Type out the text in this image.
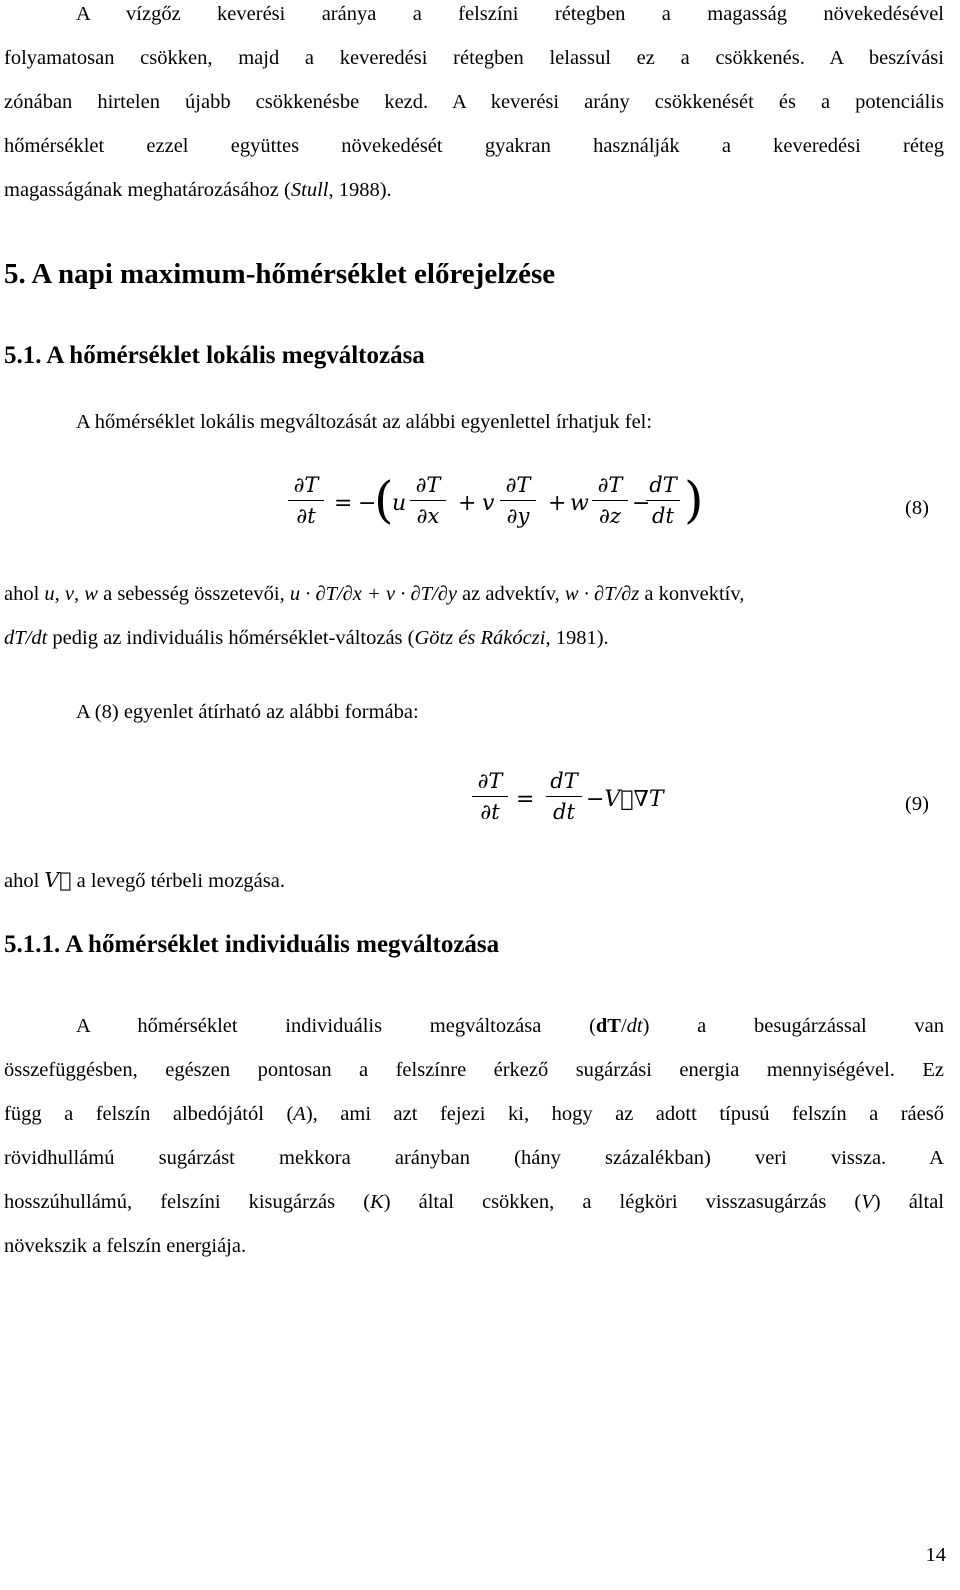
A vízgőz keverési aránya a felszíni rétegben a magasság növekedésével

folyamatosan csökken, majd a keveredési rétegben lelassul ez a csökkenés. A beszívási

zónában hirtelen újabb csökkenésbe kezd. A keverési arány csökkenését és a potenciális

hőmérséklet ezzel együttes növekedését gyakran használják a keveredési réteg

magasságának meghatározásához (Stull, 1988).

5. A napi maximum-hőmérséklet előrejelzése
5.1. A hőmérséklet lokális megváltozása

A hőmérséklet lokális megváltozását az alábbi egyenlettel írhatjuk fel:

∂T
∂t = −
(
u
∂T
∂x + v
∂T
∂y + w
∂T
∂z −
dT
dt )	(8)

ahol u, v, w a sebesség összetevői, u · ∂T/∂x + v · ∂T/∂y az advektív, w · ∂T/∂z a konvektív,

dT/dt pedig az individuális hőmérséklet-változás (Götz és Rákóczi, 1981).

A (8) egyenlet átírható az alábbi formába:

∂T
∂t =
dT
dt −V⃗∇T	(9)

ahol V⃗ a levegő térbeli mozgása.

5.1.1. A hőmérséklet individuális megváltozása

A hőmérséklet individuális megváltozása (dT/dt) a besugárzással van

összefüggésben, egészen pontosan a felszínre érkező sugárzási energia mennyiségével. Ez

függ a felszín albedójától (A), ami azt fejezi ki, hogy az adott típusú felszín a ráeső

rövidhullámú sugárzást mekkora arányban (hány százalékban) veri vissza. A

hosszúhullámú, felszíni kisugárzás (K) által csökken, a légköri visszasugárzás (V) által

növekszik a felszín energiája.

14
